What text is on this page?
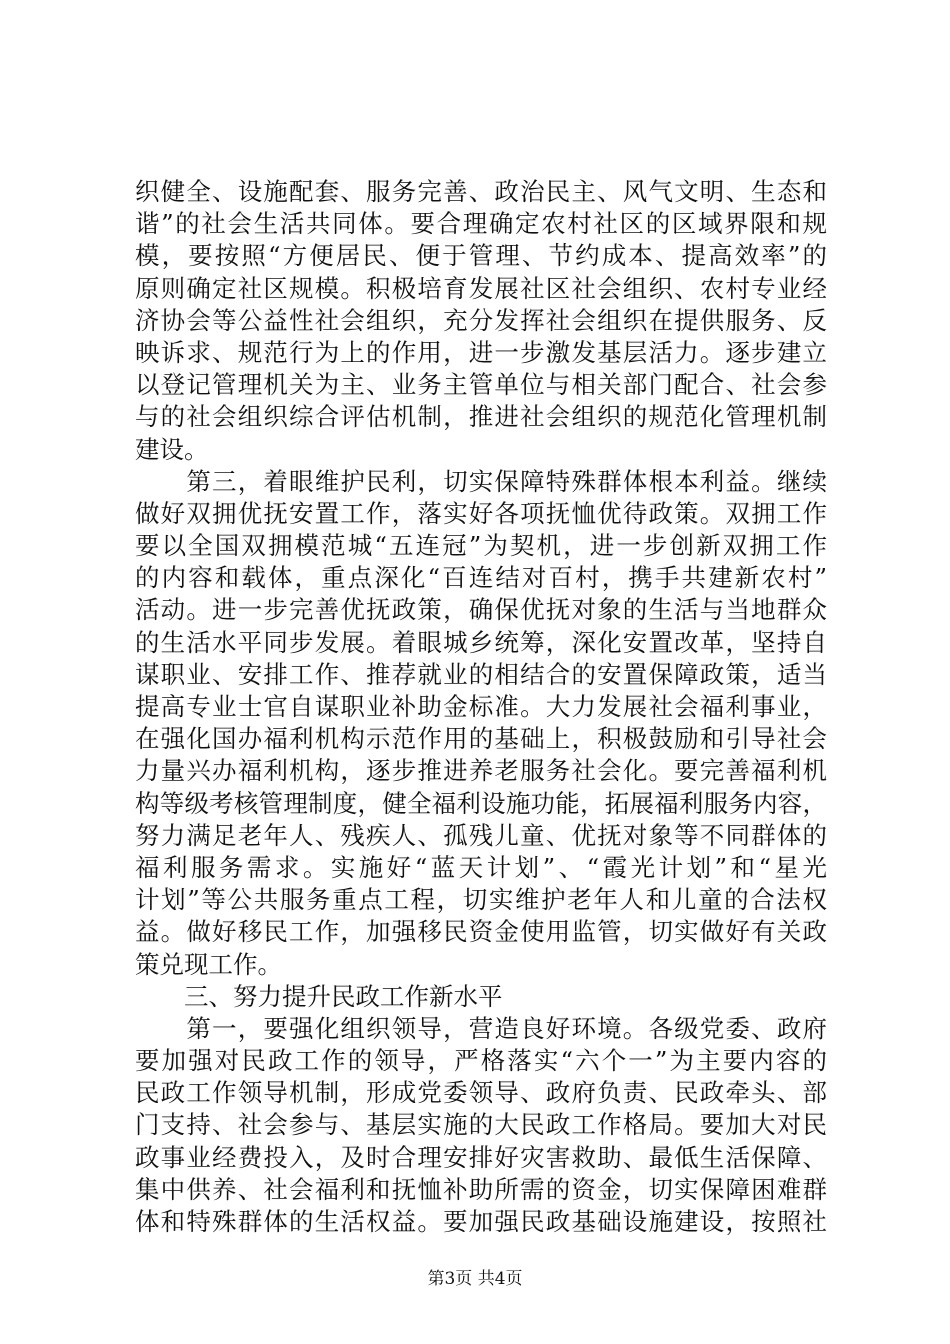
织健全、设施配套、服务完善、政治民主、风气文明、生态和
谐”的社会生活共同体。要合理确定农村社区的区域界限和规
模，要按照“方便居民、便于管理、节约成本、提高效率”的
原则确定社区规模。积极培育发展社区社会组织、农村专业经
济协会等公益性社会组织，充分发挥社会组织在提供服务、反
映诉求、规范行为上的作用，进一步激发基层活力。逐步建立
以登记管理机关为主、业务主管单位与相关部门配合、社会参
与的社会组织综合评估机制，推进社会组织的规范化管理机制
建设。
　　第三，着眼维护民利，切实保障特殊群体根本利益。继续
做好双拥优抚安置工作，落实好各项抚恤优待政策。双拥工作
要以全国双拥模范城“五连冠”为契机，进一步创新双拥工作
的内容和载体，重点深化“百连结对百村，携手共建新农村”
活动。进一步完善优抚政策，确保优抚对象的生活与当地群众
的生活水平同步发展。着眼城乡统筹，深化安置改革，坚持自
谋职业、安排工作、推荐就业的相结合的安置保障政策，适当
提高专业士官自谋职业补助金标准。大力发展社会福利事业，
在强化国办福利机构示范作用的基础上，积极鼓励和引导社会
力量兴办福利机构，逐步推进养老服务社会化。要完善福利机
构等级考核管理制度，健全福利设施功能，拓展福利服务内容，
努力满足老年人、残疾人、孤残儿童、优抚对象等不同群体的
福利服务需求。实施好“蓝天计划”、“霞光计划”和“星光
计划”等公共服务重点工程，切实维护老年人和儿童的合法权
益。做好移民工作，加强移民资金使用监管，切实做好有关政
策兑现工作。
　　三、努力提升民政工作新水平
　　第一，要强化组织领导，营造良好环境。各级党委、政府
要加强对民政工作的领导，严格落实“六个一”为主要内容的
民政工作领导机制，形成党委领导、政府负责、民政牵头、部
门支持、社会参与、基层实施的大民政工作格局。要加大对民
政事业经费投入，及时合理安排好灾害救助、最低生活保障、
集中供养、社会福利和抚恤补助所需的资金，切实保障困难群
体和特殊群体的生活权益。要加强民政基础设施建设，按照社
第3页 共4页
